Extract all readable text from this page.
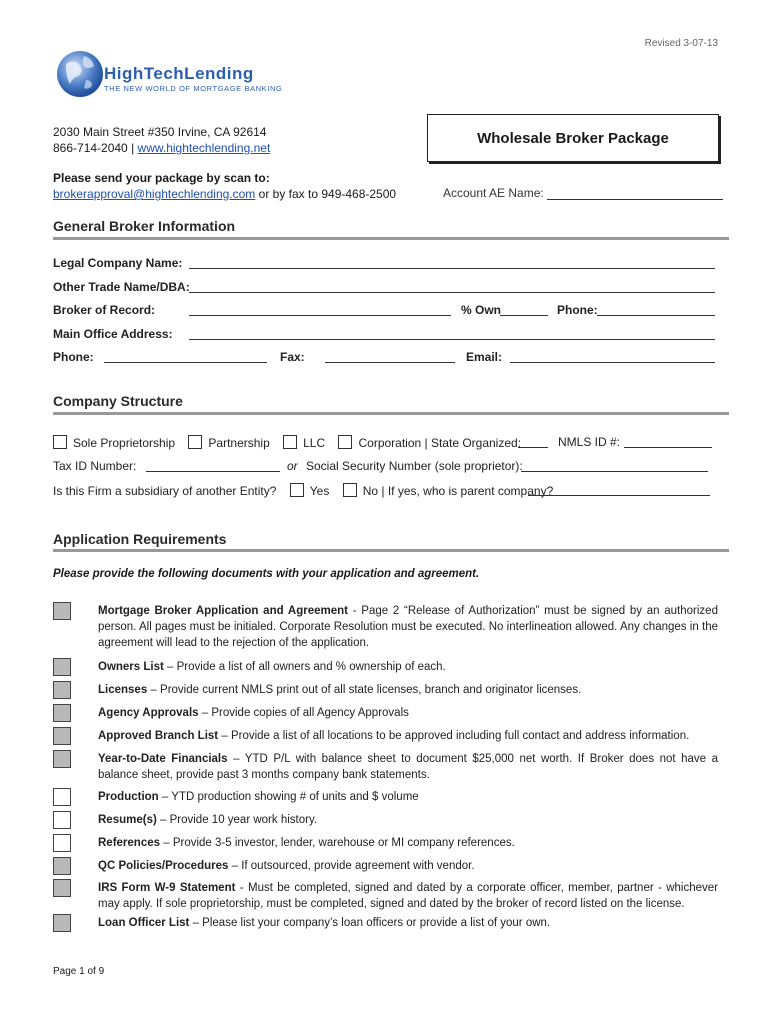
Revised 3-07-13
HighTechLending
THE NEW WORLD OF MORTGAGE BANKING
2030 Main Street #350 Irvine, CA 92614
866-714-2040 | www.hightechlending.net
Wholesale Broker Package
Please send your package by scan to:
brokerapproval@hightechlending.com or by fax to 949-468-2500	Account AE Name:
General Broker Information
Legal Company Name:
Other Trade Name/DBA:
Broker of Record:	% Own	Phone:
Main Office Address:
Phone:	Fax:	Email:
Company Structure
Sole Proprietorship	Partnership	LLC	Corporation | State Organized:	NMLS ID #:
Tax ID Number:	or Social Security Number (sole proprietor):
Is this Firm a subsidiary of another Entity?	Yes	No | If yes, who is parent company?
Application Requirements
Please provide the following documents with your application and agreement.
Mortgage Broker Application and Agreement - Page 2 “Release of Authorization” must be signed by an authorized person. All pages must be initialed. Corporate Resolution must be executed. No interlineation allowed. Any changes in the agreement will lead to the rejection of the application.
Owners List – Provide a list of all owners and % ownership of each.
Licenses – Provide current NMLS print out of all state licenses, branch and originator licenses.
Agency Approvals – Provide copies of all Agency Approvals
Approved Branch List – Provide a list of all locations to be approved including full contact and address information.
Year-to-Date Financials – YTD P/L with balance sheet to document $25,000 net worth. If Broker does not have a balance sheet, provide past 3 months company bank statements.
Production – YTD production showing # of units and $ volume
Resume(s) – Provide 10 year work history.
References – Provide 3-5 investor, lender, warehouse or MI company references.
QC Policies/Procedures – If outsourced, provide agreement with vendor.
IRS Form W-9 Statement - Must be completed, signed and dated by a corporate officer, member, partner - whichever may apply. If sole proprietorship, must be completed, signed and dated by the broker of record listed on the license.
Loan Officer List – Please list your company’s loan officers or provide a list of your own.
Page 1 of 9
